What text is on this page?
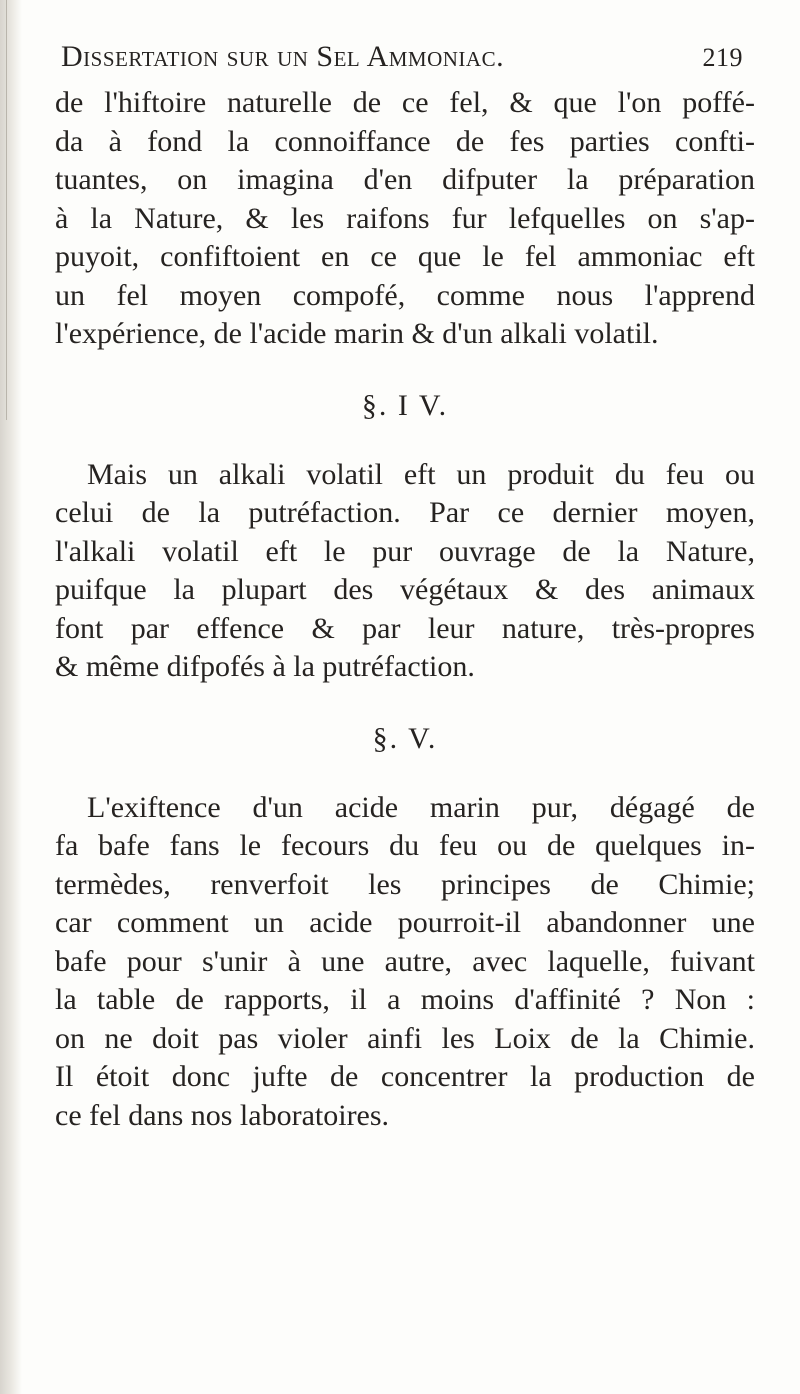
Dissertation sur un Sel Ammoniac.	219

de l'hiftoire naturelle de ce fel, & que l'on poffé-
da à fond la connoiffance de fes parties confti-
tuantes, on imagina d'en difputer la préparation
à la Nature, & les raifons fur lefquelles on s'ap-
puyoit, confiftoient en ce que le fel ammoniac eft
un fel moyen compofé, comme nous l'apprend
l'expérience, de l'acide marin & d'un alkali volatil.

§. I V.

Mais un alkali volatil eft un produit du feu ou
celui de la putréfaction. Par ce dernier moyen,
l'alkali volatil eft le pur ouvrage de la Nature,
puifque la plupart des végétaux & des animaux
font par effence & par leur nature, très-propres
& même difpofés à la putréfaction.

§. V.

L'exiftence d'un acide marin pur, dégagé de
fa bafe fans le fecours du feu ou de quelques in-
termèdes, renverfoit les principes de Chimie;
car comment un acide pourroit-il abandonner une
bafe pour s'unir à une autre, avec laquelle, fuivant
la table de rapports, il a moins d'affinité ? Non :
on ne doit pas violer ainfi les Loix de la Chimie.
Il étoit donc jufte de concentrer la production de
ce fel dans nos laboratoires.
